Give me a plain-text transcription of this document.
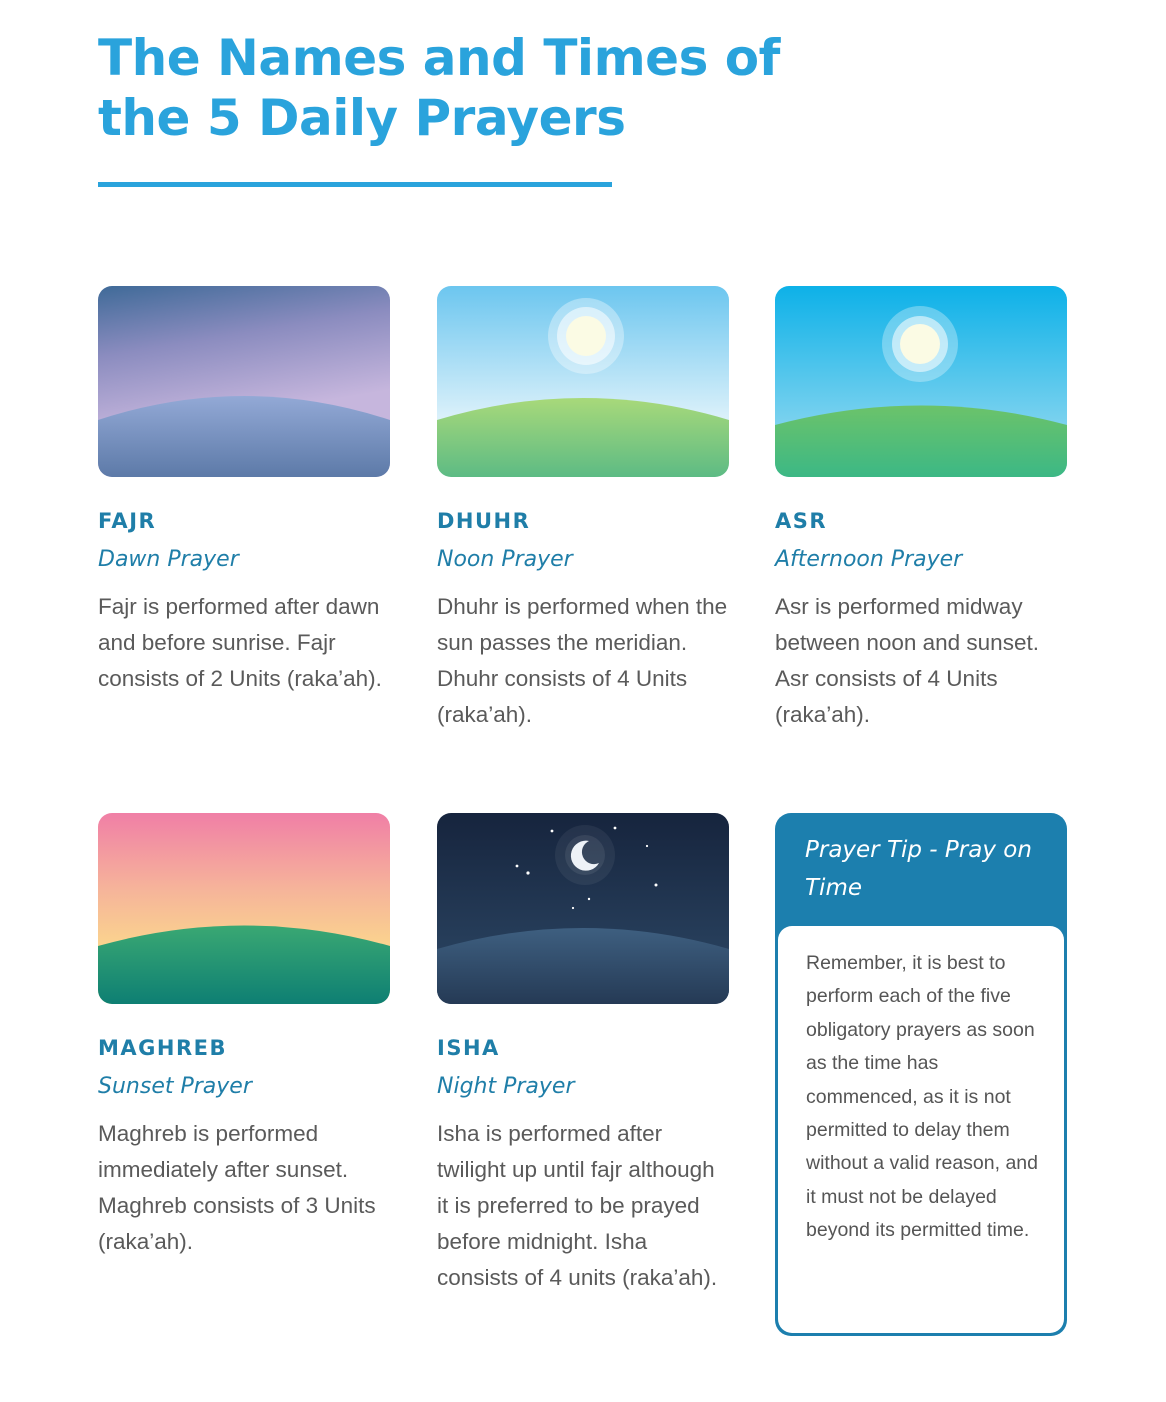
The Names and Times of
the 5 Daily Prayers

FAJR

Dawn Prayer

Fajr is performed after dawn and before sunrise. Fajr consists of 2 Units (raka’ah).

DHUHR

Noon Prayer

Dhuhr is performed when the sun passes the meridian. Dhuhr consists of 4 Units (raka’ah).

ASR

Afternoon Prayer

Asr is performed midway between noon and sunset. Asr consists of 4 Units (raka’ah).

MAGHREB

Sunset Prayer

Maghreb is performed immediately after sunset. Maghreb consists of 3 Units (raka’ah).

ISHA

Night Prayer

Isha is performed after twilight up until fajr although it is preferred to be prayed before midnight. Isha consists of 4 units (raka’ah).

Prayer Tip - Pray on Time

Remember, it is best to perform each of the five obligatory prayers as soon as the time has commenced, as it is not permitted to delay them without a valid reason, and it must not be delayed beyond its permitted time.
